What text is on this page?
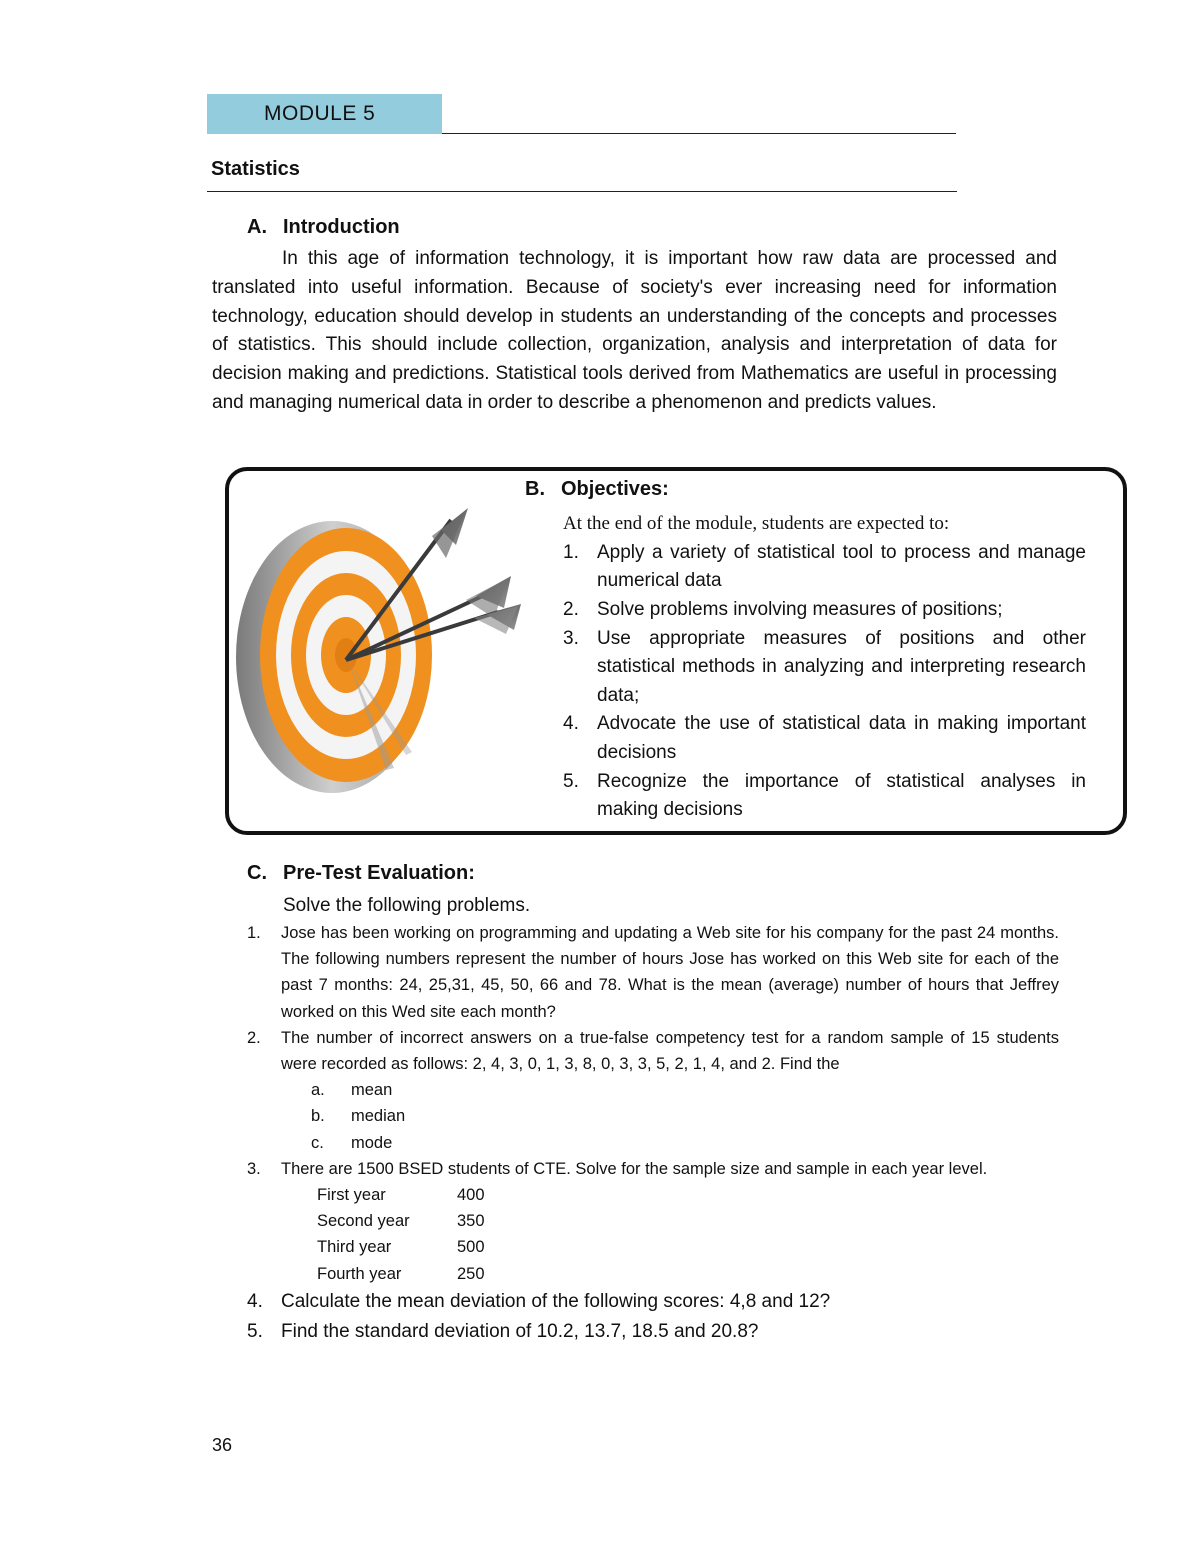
MODULE 5
Statistics
A. Introduction
In this age of information technology, it is important how raw data are processed and translated into useful information. Because of society's ever increasing need for information technology, education should develop in students an understanding of the concepts and processes of statistics. This should include collection, organization, analysis and interpretation of data for decision making and predictions. Statistical tools derived from Mathematics are useful in processing and managing numerical data in order to describe a phenomenon and predicts values.
B. Objectives:
At the end of the module, students are expected to:
1. Apply a variety of statistical tool to process and manage numerical data
2. Solve problems involving measures of positions;
3. Use appropriate measures of positions and other statistical methods in analyzing and interpreting research data;
4. Advocate the use of statistical data in making important decisions
5. Recognize the importance of statistical analyses in making decisions
C. Pre-Test Evaluation:
Solve the following problems.
1. Jose has been working on programming and updating a Web site for his company for the past 24 months. The following numbers represent the number of hours Jose has worked on this Web site for each of the past 7 months: 24, 25,31, 45, 50, 66 and 78. What is the mean (average) number of hours that Jeffrey worked on this Wed site each month?
2. The number of incorrect answers on a true-false competency test for a random sample of 15 students were recorded as follows: 2, 4, 3, 0, 1, 3, 8, 0, 3, 3, 5, 2, 1, 4, and 2. Find the
a. mean
b. median
c. mode
3. There are 1500 BSED students of CTE. Solve for the sample size and sample in each year level.
First year	400
Second year	350
Third year	500
Fourth year	250
4. Calculate the mean deviation of the following scores: 4,8 and 12?
5. Find the standard deviation of 10.2, 13.7, 18.5 and 20.8?
36
